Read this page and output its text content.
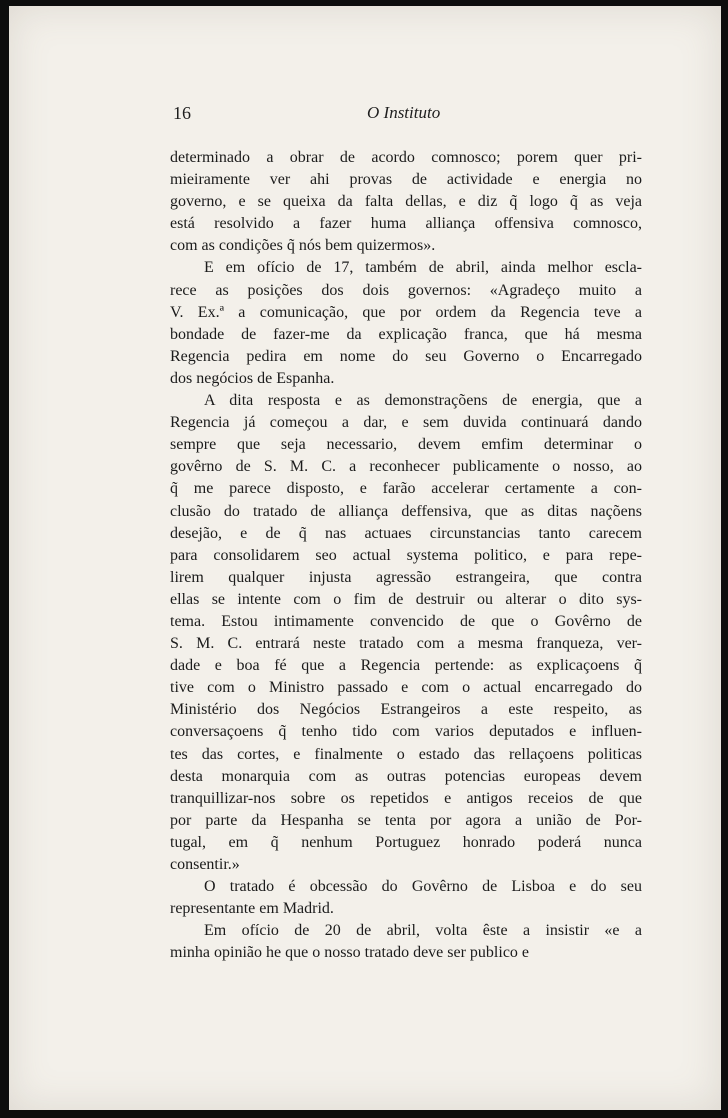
16	O Instituto
determinado a obrar de acordo comnosco; porem quer pri-
mieiramente ver ahi provas de actividade e energia no
governo, e se queixa da falta dellas, e diz q̃ logo q̃ as veja
está resolvido a fazer huma alliança offensiva comnosco,
com as condições q̃ nós bem quizermos».
E em ofício de 17, também de abril, ainda melhor escla-
rece as posições dos dois governos: «Agradeço muito a
V. Ex.ª a comunicação, que por ordem da Regencia teve a
bondade de fazer-me da explicação franca, que há mesma
Regencia pedira em nome do seu Governo o Encarregado
dos negócios de Espanha.
A dita resposta e as demonstraçõens de energia, que a
Regencia já começou a dar, e sem duvida continuará dando
sempre que seja necessario, devem emfim determinar o
govêrno de S. M. C. a reconhecer publicamente o nosso, ao
q̃ me parece disposto, e farão accelerar certamente a con-
clusão do tratado de alliança deffensiva, que as ditas naçõens
desejão, e de q̃ nas actuaes circunstancias tanto carecem
para consolidarem seo actual systema politico, e para repe-
lirem qualquer injusta agressão estrangeira, que contra
ellas se intente com o fim de destruir ou alterar o dito sys-
tema. Estou intimamente convencido de que o Govêrno de
S. M. C. entrará neste tratado com a mesma franqueza, ver-
dade e boa fé que a Regencia pertende: as explicaçoens q̃
tive com o Ministro passado e com o actual encarregado do
Ministério dos Negócios Estrangeiros a este respeito, as
conversaçoens q̃ tenho tido com varios deputados e influen-
tes das cortes, e finalmente o estado das rellaçoens politicas
desta monarquia com as outras potencias europeas devem
tranquillizar-nos sobre os repetidos e antigos receios de que
por parte da Hespanha se tenta por agora a união de Por-
tugal, em q̃ nenhum Portuguez honrado poderá nunca
consentir.»
O tratado é obcessão do Govêrno de Lisboa e do seu
representante em Madrid.
Em ofício de 20 de abril, volta êste a insistir «e a
minha opinião he que o nosso tratado deve ser publico e
